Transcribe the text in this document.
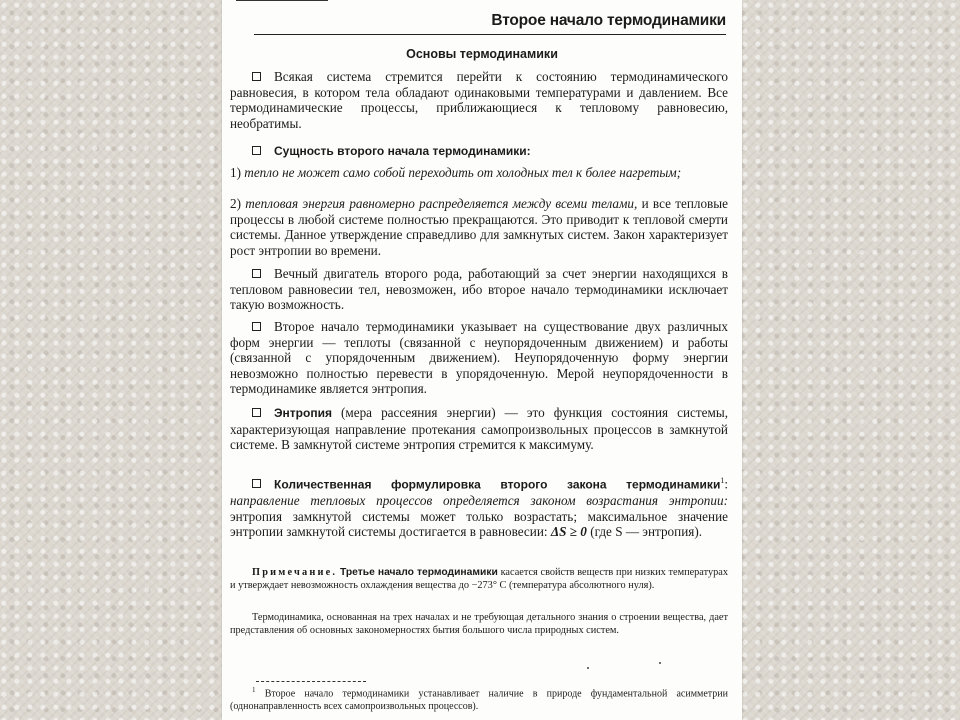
Второе начало термодинамики
Основы термодинамики
Всякая система стремится перейти к состоянию термодинамического равновесия, в котором тела обладают одинаковыми температурами и давлением. Все термодинамические процессы, приближающиеся к тепловому равновесию, необратимы.
Сущность второго начала термодинамики:
1) тепло не может само собой переходить от холодных тел к более нагретым;
2) тепловая энергия равномерно распределяется между всеми телами, и все тепловые процессы в любой системе полностью прекращаются. Это приводит к тепловой смерти системы. Данное утверждение справедливо для замкнутых систем. Закон характеризует рост энтропии во времени.
Вечный двигатель второго рода, работающий за счет энергии находящихся в тепловом равновесии тел, невозможен, ибо второе начало термодинамики исключает такую возможность.
Второе начало термодинамики указывает на существование двух различных форм энергии — теплоты (связанной с неупорядоченным движением) и работы (связанной с упорядоченным движением). Неупорядоченную форму энергии невозможно полностью перевести в упорядоченную. Мерой неупорядоченности в термодинамике является энтропия.
Энтропия (мера рассеяния энергии) — это функция состояния системы, характеризующая направление протекания самопроизвольных процессов в замкнутой системе. В замкнутой системе энтропия стремится к максимуму.
Количественная формулировка второго закона термодинамики$^1$: направление тепловых процессов определяется законом возрастания энтропии: энтропия замкнутой системы может только возрастать; максимальное значение энтропии замкнутой системы достигается в равновесии: ΔS ≥ 0 (где S — энтропия).
Примечание. Третье начало термодинамики касается свойств веществ при низких температурах и утверждает невозможность охлаждения вещества до −273° С (температура абсолютного нуля).
Термодинамика, основанная на трех началах и не требующая детального знания о строении вещества, дает представления об основных закономерностях бытия большого числа природных систем.
$^1$ Второе начало термодинамики устанавливает наличие в природе фундаментальной асимметрии (однонаправленность всех самопроизвольных процессов).
